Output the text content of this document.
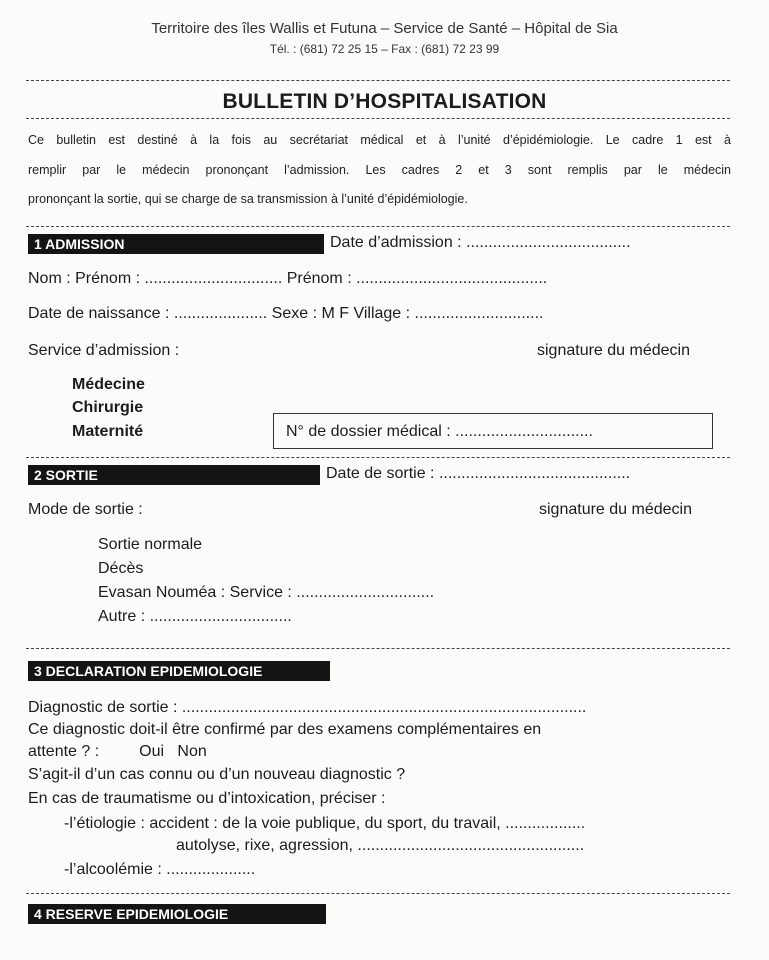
Territoire des îles Wallis et Futuna – Service de Santé – Hôpital de Sia
Tél. : (681) 72 25 15 – Fax : (681) 72 23 99
BULLETIN D’HOSPITALISATION
Ce bulletin est destiné à la fois au secrétariat médical et à l’unité d’épidémiologie. Le cadre 1 est à
remplir par le médecin prononçant l’admission. Les cadres 2 et 3 sont remplis par le médecin
prononçant la sortie, qui se charge de sa transmission à l’unité d’épidémiologie.
1 ADMISSION	Date d’admission : .....................................
Nom : Prénom : ............................... Prénom : ...........................................
Date de naissance : ..................... Sexe : M F Village : .............................
Service d’admission :	signature du médecin
Médecine
Chirurgie
Maternité	N° de dossier médical : ...............................
2 SORTIE	Date de sortie : ...........................................
Mode de sortie :	signature du médecin
Sortie normale
Décès
Evasan Nouméa : Service : ...............................
Autre : ................................
3 DECLARATION EPIDEMIOLOGIE
Diagnostic de sortie : ...........................................................................................
Ce diagnostic doit-il être confirmé par des examens complémentaires en
attente ? :         Oui   Non
S’agit-il d’un cas connu ou d’un nouveau diagnostic ?
En cas de traumatisme ou d’intoxication, préciser :
-l’étiologie : accident : de la voie publique, du sport, du travail, ..................
autolyse, rixe, agression, ...................................................
-l’alcoolémie : ....................
4 RESERVE EPIDEMIOLOGIE
